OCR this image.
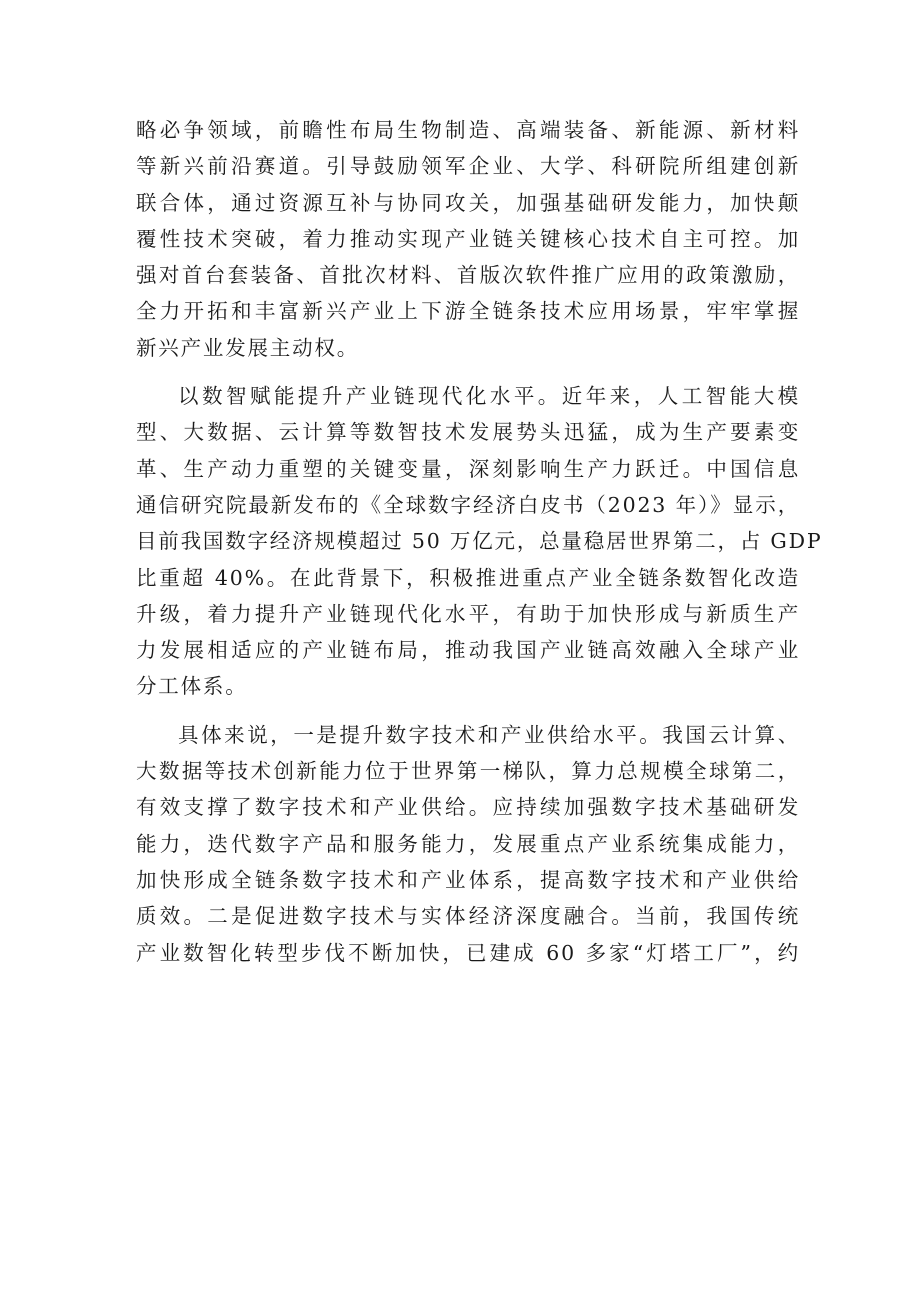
略必争领域，前瞻性布局生物制造、高端装备、新能源、新材料
等新兴前沿赛道。引导鼓励领军企业、大学、科研院所组建创新
联合体，通过资源互补与协同攻关，加强基础研发能力，加快颠
覆性技术突破，着力推动实现产业链关键核心技术自主可控。加
强对首台套装备、首批次材料、首版次软件推广应用的政策激励，
全力开拓和丰富新兴产业上下游全链条技术应用场景，牢牢掌握
新兴产业发展主动权。
以数智赋能提升产业链现代化水平。近年来，人工智能大模
型、大数据、云计算等数智技术发展势头迅猛，成为生产要素变
革、生产动力重塑的关键变量，深刻影响生产力跃迁。中国信息
通信研究院最新发布的《全球数字经济白皮书（2023 年）》显示，
目前我国数字经济规模超过 50 万亿元，总量稳居世界第二，占 GDP
比重超 40%。在此背景下，积极推进重点产业全链条数智化改造
升级，着力提升产业链现代化水平，有助于加快形成与新质生产
力发展相适应的产业链布局，推动我国产业链高效融入全球产业
分工体系。
具体来说，一是提升数字技术和产业供给水平。我国云计算、
大数据等技术创新能力位于世界第一梯队，算力总规模全球第二，
有效支撑了数字技术和产业供给。应持续加强数字技术基础研发
能力，迭代数字产品和服务能力，发展重点产业系统集成能力，
加快形成全链条数字技术和产业体系，提高数字技术和产业供给
质效。二是促进数字技术与实体经济深度融合。当前，我国传统
产业数智化转型步伐不断加快，已建成 60 多家“灯塔工厂”，约
